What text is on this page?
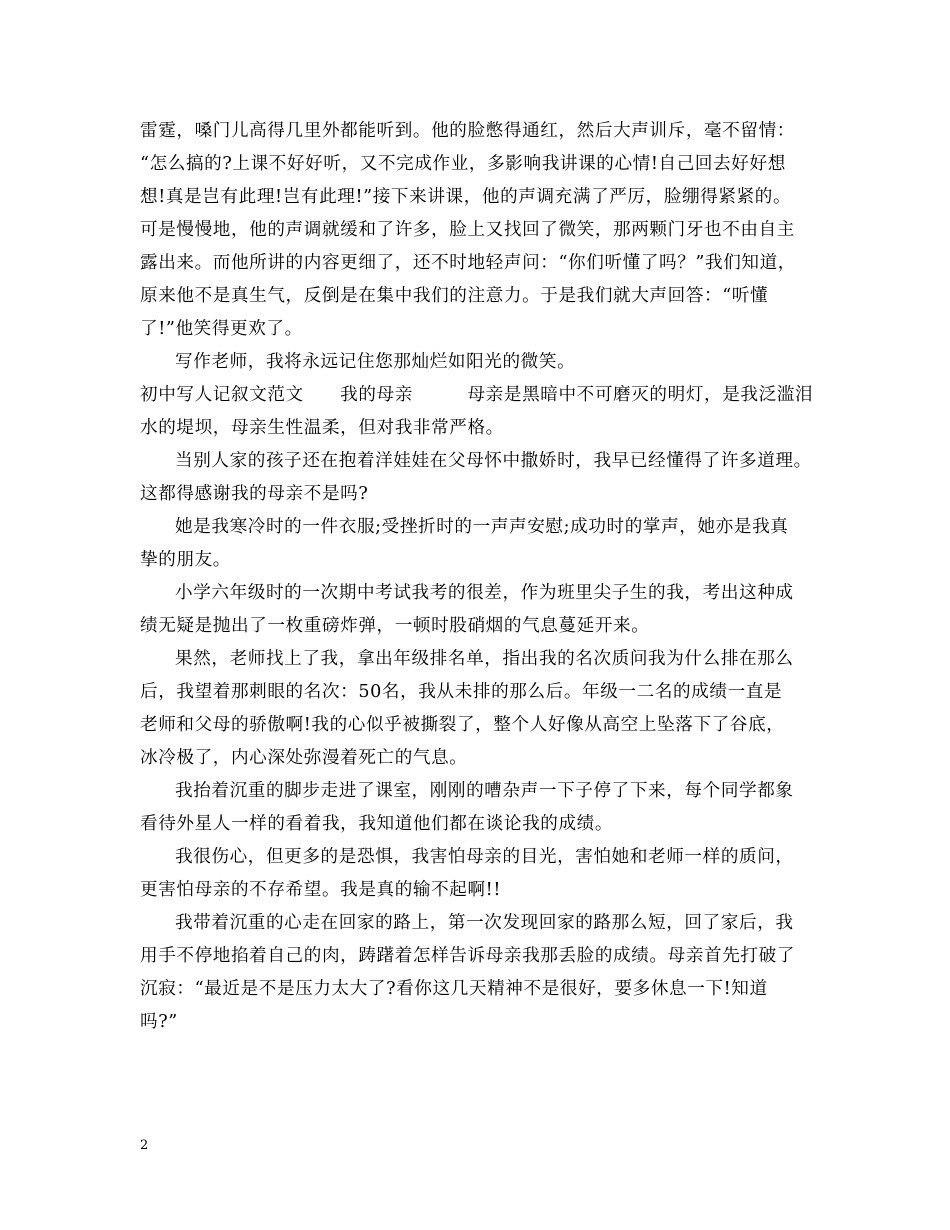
雷霆，嗓门儿高得几里外都能听到。他的脸憋得通红，然后大声训斥，毫不留情：
“怎么搞的?上课不好好听，又不完成作业，多影响我讲课的心情!自己回去好好想
想!真是岂有此理!岂有此理!”接下来讲课，他的声调充满了严厉，脸绷得紧紧的。
可是慢慢地，他的声调就缓和了许多，脸上又找回了微笑，那两颗门牙也不由自主
露出来。而他所讲的内容更细了，还不时地轻声问：“你们听懂了吗？”我们知道，
原来他不是真生气，反倒是在集中我们的注意力。于是我们就大声回答：“听懂
了!”他笑得更欢了。
写作老师，我将永远记住您那灿烂如阳光的微笑。
初中写人记叙文范文　　我的母亲　　　母亲是黑暗中不可磨灭的明灯，是我泛滥泪
水的堤坝，母亲生性温柔，但对我非常严格。
当别人家的孩子还在抱着洋娃娃在父母怀中撒娇时，我早已经懂得了许多道理。
这都得感谢我的母亲不是吗?
她是我寒冷时的一件衣服;受挫折时的一声声安慰;成功时的掌声，她亦是我真
挚的朋友。
小学六年级时的一次期中考试我考的很差，作为班里尖子生的我，考出这种成
绩无疑是抛出了一枚重磅炸弹，一顿时股硝烟的气息蔓延开来。
果然，老师找上了我，拿出年级排名单，指出我的名次质问我为什么排在那么
后，我望着那刺眼的名次：50名，我从未排的那么后。年级一二名的成绩一直是
老师和父母的骄傲啊!我的心似乎被撕裂了，整个人好像从高空上坠落下了谷底，
冰冷极了，内心深处弥漫着死亡的气息。
我抬着沉重的脚步走进了课室，刚刚的嘈杂声一下子停了下来，每个同学都象
看待外星人一样的看着我，我知道他们都在谈论我的成绩。
我很伤心，但更多的是恐惧，我害怕母亲的目光，害怕她和老师一样的质问，
更害怕母亲的不存希望。我是真的输不起啊!!
我带着沉重的心走在回家的路上，第一次发现回家的路那么短，回了家后，我
用手不停地掐着自己的肉，踌躇着怎样告诉母亲我那丢脸的成绩。母亲首先打破了
沉寂：“最近是不是压力太大了?看你这几天精神不是很好，要多休息一下!知道
吗?”
2
